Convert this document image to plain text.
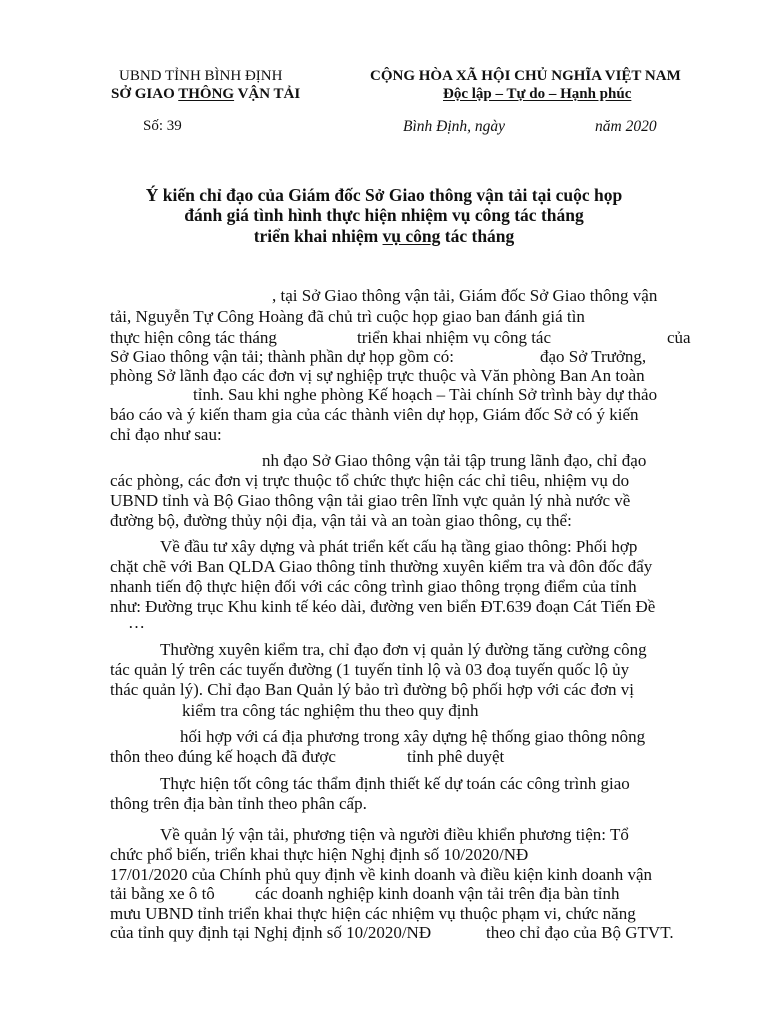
UBND TỈNH BÌNH ĐỊNH
SỞ GIAO THÔNG VẬN TẢI
CỘNG HÒA XÃ HỘI CHỦ NGHĨA VIỆT NAM
Độc lập – Tự do – Hạnh phúc
Số: 39	Bình Định, ngày	năm 2020
Ý kiến chỉ đạo của Giám đốc Sở Giao thông vận tải tại cuộc họp
đánh giá tình hình thực hiện nhiệm vụ công tác tháng
triển khai nhiệm vụ công tác tháng
, tại Sở Giao thông vận tải, Giám đốc Sở Giao thông vận
tải, Nguyễn Tự Công Hoàng đã chủ trì cuộc họp giao ban đánh giá tìn
thực hiện công tác tháng	triển khai nhiệm vụ công tác	của
Sở Giao thông vận tải; thành phần dự họp gồm có:	đạo Sở Trưởng,
phòng Sở lãnh đạo các đơn vị sự nghiệp trực thuộc và Văn phòng Ban An toàn
tỉnh. Sau khi nghe phòng Kế hoạch – Tài chính Sở trình bày dự thảo
báo cáo và ý kiến tham gia của các thành viên dự họp, Giám đốc Sở có ý kiến
chỉ đạo như sau:
nh đạo Sở Giao thông vận tải tập trung lãnh đạo, chỉ đạo
các phòng, các đơn vị trực thuộc tổ chức thực hiện các chỉ tiêu, nhiệm vụ do
UBND tỉnh và Bộ Giao thông vận tải giao trên lĩnh vực quản lý nhà nước về
đường bộ, đường thủy nội địa, vận tải và an toàn giao thông, cụ thể:
Về đầu tư xây dựng và phát triển kết cấu hạ tầng giao thông: Phối hợp
chặt chẽ với Ban QLDA Giao thông tỉnh thường xuyên kiểm tra và đôn đốc đẩy
nhanh tiến độ thực hiện đối với các công trình giao thông trọng điểm của tỉnh
như: Đường trục Khu kinh tế kéo dài, đường ven biển ĐT.639 đoạn Cát Tiến Đề
…
Thường xuyên kiểm tra, chỉ đạo đơn vị quản lý đường tăng cường công
tác quản lý trên các tuyến đường (1 tuyến tỉnh lộ và 03 đoạ tuyến quốc lộ ủy
thác quản lý). Chỉ đạo Ban Quản lý bảo trì đường bộ phối hợp với các đơn vị
kiểm tra công tác nghiệm thu theo quy định
hối hợp với cá địa phương trong xây dựng hệ thống giao thông nông
thôn theo đúng kế hoạch đã được	tỉnh phê duyệt
Thực hiện tốt công tác thẩm định thiết kế dự toán các công trình giao
thông trên địa bàn tỉnh theo phân cấp.
Về quản lý vận tải, phương tiện và người điều khiển phương tiện: Tổ
chức phổ biến, triển khai thực hiện Nghị định số 10/2020/NĐ
17/01/2020 của Chính phủ quy định về kinh doanh và điều kiện kinh doanh vận
tải bằng xe ô tô các doanh nghiệp kinh doanh vận tải trên địa bàn tỉnh
mưu UBND tỉnh triển khai thực hiện các nhiệm vụ thuộc phạm vi, chức năng
của tỉnh quy định tại Nghị định số 10/2020/NĐ	theo chỉ đạo của Bộ GTVT.
